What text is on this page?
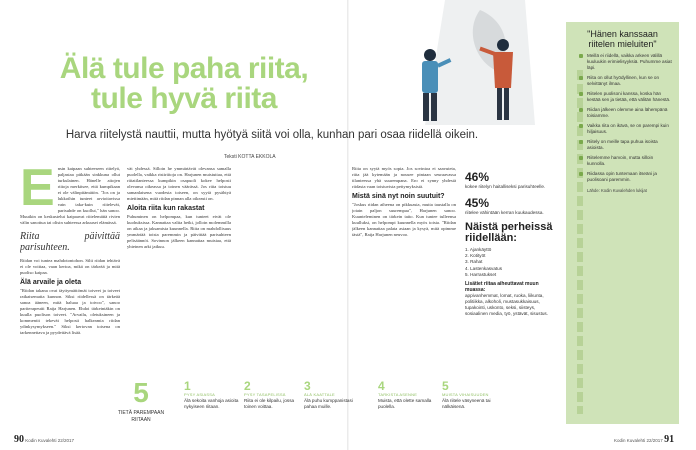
Älä tule paha riita,
tule hyvä riita
Harva riitelystä nauttii, mutta hyötyä siitä voi olla, kunhan pari osaa riidellä oikein.
Teksti KOTTA EKKOLA
E nsin kaipaan suhteeseen riitelyä, paljastaa pitkään sinkkuna ollut turkulainen. Hänelle aitojen riitoja merkitsee, että kumpikaan ei ole välinpitämätön. "Jos on ja lukkoihin tunteet arvioitavissa vain taka-kuin riitelevät, parisuhde on kuollut," hän sanoo. Muutkin on keskustelut kaipaavat riitelemättä rivien välin sanottua tai olisin suhteessa arkuusei elämässä.
Riita päivittää parisuhteen.
Riidan voi tuntea mahdotontohon. Silti riidan tehtävä ei ole voittaa, vaan kertoa, mikä on tärkeää ja mitä puoliso kaipaa.
Älä arvaile ja oleta
"Riidan takana ovat täyttymättömät toiveet ja toiveet ratkaisematta kunnon. Siksi riidellessä on tärkeää sanoa ääneen, mitä haluaa ja toivoo", sanoo pariterapeutti Raija Harjunen. Ehdoi tärkeintäkin on kuulla puolison toiveet. "Arvailu, oletuksineen ja kommentit tekevät helposti halkeamia riidan ydinkysymykseen." Siksi kertovan toisena on tarkennettava ja pyydettävä lisää.
vät yhdessä. Silloin he ymmärtävät olevansa samalla puolella, vaikka ristiriitoja on. Harjunen muistuttaa, että riitatilanteessa kumpikin osapuoli kokee helposti olevansa oikeassa ja toinen väärässä. Jos riita toistuu samanlaisena vuodesta toiseen, on syytä pysähtyä miettimään, mitä riidan pinnan alla oikeasti on.
Aloita riita kun rakastat
Puhuminen on helpompaa, kun tunteet eivät ole kuohuksissa. Kannattaa valita hetki, jolloin molemmilla on aikaa ja jaksamista kuunnella. Riita on mahdollisuus ymmärtää toista paremmin ja päivittää parisuhteen pelisäännöt. Sovinnon jälkeen kannattaa muistaa, että yhteinen arki jatkuu.
Riita on syytä myös sopia. Jos sovintoa ei saavuteta, riita jää kytemään ja nousee pintaan seuraavassa tilanteessa yhä suurempana. Ero ei synny yhdestä riidasta vaan toistuvista pettymyksistä.
Mistä sinä nyt noin suutuit?
"Joskus riidan aiheena on pikkuasia, mutta taustalla on jotain paljon suurempaa", Harjunen sanoo. Kuunteleminen on tärkein taito. Kun tuntee tulleensa kuulluksi, on helpompi kuunnella myös toista. "Riidan jälkeen kannattaa palata asiaan ja kysyä, mitä opimme tästä", Raija Harjunen neuvoo.
46%
kokee riitelyn haitalliseksi parisuhteelle.
45%
riitelee vähintään kerran kuukaudessa.
Näistä perheissä riidellään:
1. Ajankäyttö
2. Kotityöt
3. Rahat
4. Lastenkasvatus
5. Harrastukset
Lisätiet riitaa aiheuttavat muun muassa:
appivanhemmat, lomat, ruoka, liikunta, politiikka, alkoholi, mustasukkaisuus, tupakointi, uskonto, seksi, siisteys, sosiaalinen media, työ, ystävät, sisustus.
5
TIETÄ PAREMPAAN
RIITAAN
1
PYSY ASIASSA
Älä sekoita vanhoja asioita nykyiseen riitaan.
2
PYSY TASAPELISSÄ
Riita ei ole kilpailu, jossa toinen voittaa.
3
ÄLÄ KAATTALE
Älä puhu kumppanistasi pahaa muille.
4
TARKISTA ASENNE
Muista, että olette samalla puolella.
5
MUISTA VIHAISUUDEN
Älä riitele väsyneenä tai nälkäisenä.
"Hänen kanssaan riitelen mieluiten"
Meillä ei riidellä, vaikka arkeen välillä kuuluukin erimielisyyksiä. Puhumme asiat läpi.
Riita on ollut hyödyllinen, kun se on selvittänyt ilmaa.
Riitelen puolisoni kanssa, koska hän kestää sen ja tietää, että välitän hänestä.
Riidan jälkeen olemme aina lähempänä toisiamme.
Vaikka riita on ikävä, se on parempi kuin hiljaisuus.
Riitely on meille tapa puhua isoista asioista.
Riitelemme harvoin, mutta silloin kunnolla.
Riidassa opin tuntemaan itseäni ja puolisoani paremmin.
Lähde: Kodin Kuvalehden lukijat
90 Kodin Kuvalehti 22/2017	Kodin Kuvalehti 22/2017 91
